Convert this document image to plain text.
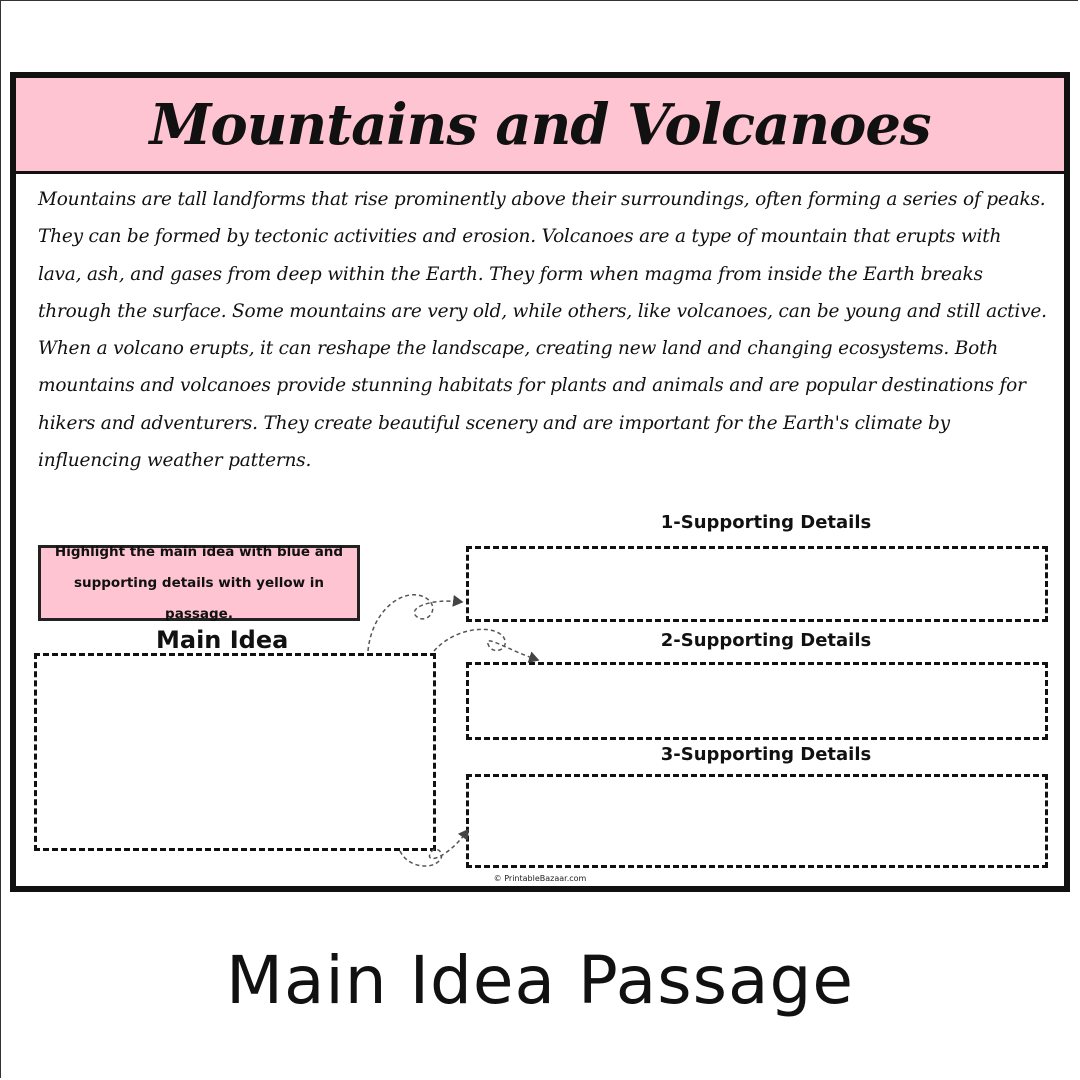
Mountains and Volcanoes

Mountains are tall landforms that rise prominently above their surroundings, often forming a series of peaks. They can be formed by tectonic activities and erosion. Volcanoes are a type of mountain that erupts with lava, ash, and gases from deep within the Earth. They form when magma from inside the Earth breaks through the surface. Some mountains are very old, while others, like volcanoes, can be young and still active. When a volcano erupts, it can reshape the landscape, creating new land and changing ecosystems. Both mountains and volcanoes provide stunning habitats for plants and animals and are popular destinations for hikers and adventurers. They create beautiful scenery and are important for the Earth's climate by influencing weather patterns.

Highlight the main idea with blue and supporting details with yellow in passage.
Main Idea
1-Supporting Details
2-Supporting Details
3-Supporting Details
© PrintableBazaar.com
Main Idea Passage
